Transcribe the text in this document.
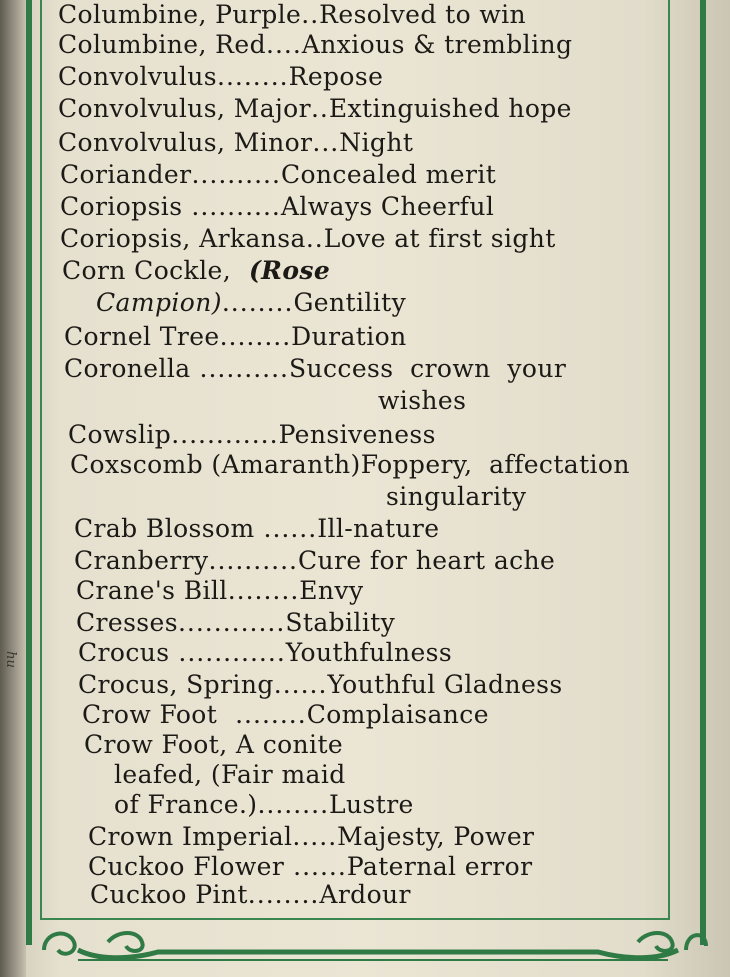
hu
Columbine, Purple..Resolved to win
Columbine, Red....Anxious & trembling
Convolvulus........Repose
Convolvulus, Major..Extinguished hope
Convolvulus, Minor...Night
Coriander..........Concealed merit
Coriopsis ..........Always Cheerful
Coriopsis, Arkansa..Love at first sight
Corn Cockle, (Rose
Campion)........Gentility
Cornel Tree........Duration
Coronella ..........Success  crown  your
wishes
Cowslip............Pensiveness
Coxscomb (Amaranth)Foppery,  affectation
singularity
Crab Blossom ......Ill-nature
Cranberry..........Cure for heart ache
Crane's Bill........Envy
Cresses............Stability
Crocus ............Youthfulness
Crocus, Spring......Youthful Gladness
Crow Foot  ........Complaisance
Crow Foot, A conite
leafed, (Fair maid
of France.)........Lustre
Crown Imperial.....Majesty, Power
Cuckoo Flower ......Paternal error
Cuckoo Pint........Ardour
